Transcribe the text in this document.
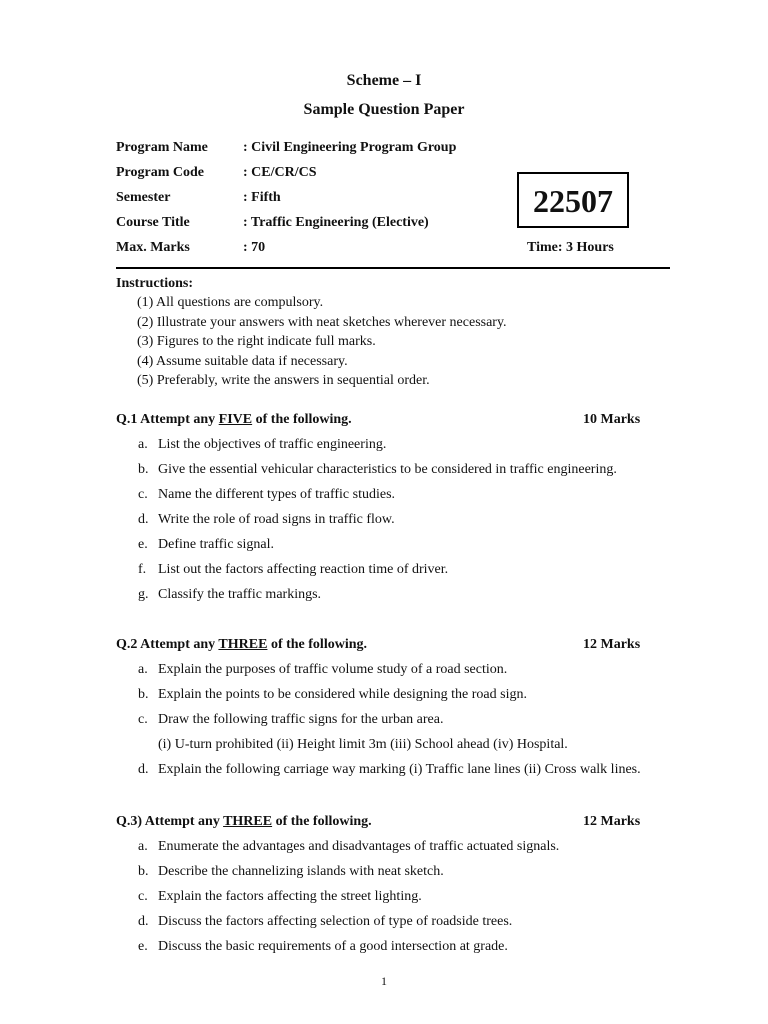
Scheme – I
Sample Question Paper
Program Name	: Civil Engineering Program Group
Program Code	: CE/CR/CS
Semester	: Fifth
Course Title	: Traffic Engineering (Elective)
Max. Marks	: 70
22507
Time: 3 Hours
Instructions:
(1) All questions are compulsory.
(2) Illustrate your answers with neat sketches wherever necessary.
(3) Figures to the right indicate full marks.
(4) Assume suitable data if necessary.
(5) Preferably, write the answers in sequential order.
Q.1 Attempt any FIVE of the following.	10 Marks
a. List the objectives of traffic engineering.
b. Give the essential vehicular characteristics to be considered in traffic engineering.
c. Name the different types of traffic studies.
d. Write the role of road signs in traffic flow.
e. Define traffic signal.
f. List out the factors affecting reaction time of driver.
g. Classify the traffic markings.
Q.2 Attempt any THREE of the following.	12 Marks
a. Explain the purposes of traffic volume study of a road section.
b. Explain the points to be considered while designing the road sign.
c. Draw the following traffic signs for the urban area.
(i) U-turn prohibited (ii) Height limit 3m (iii) School ahead (iv) Hospital.
d. Explain the following carriage way marking (i) Traffic lane lines (ii) Cross walk lines.
Q.3) Attempt any THREE of the following.	12 Marks
a. Enumerate the advantages and disadvantages of traffic actuated signals.
b. Describe the channelizing islands with neat sketch.
c. Explain the factors affecting the street lighting.
d. Discuss the factors affecting selection of type of roadside trees.
e. Discuss the basic requirements of a good intersection at grade.
1
